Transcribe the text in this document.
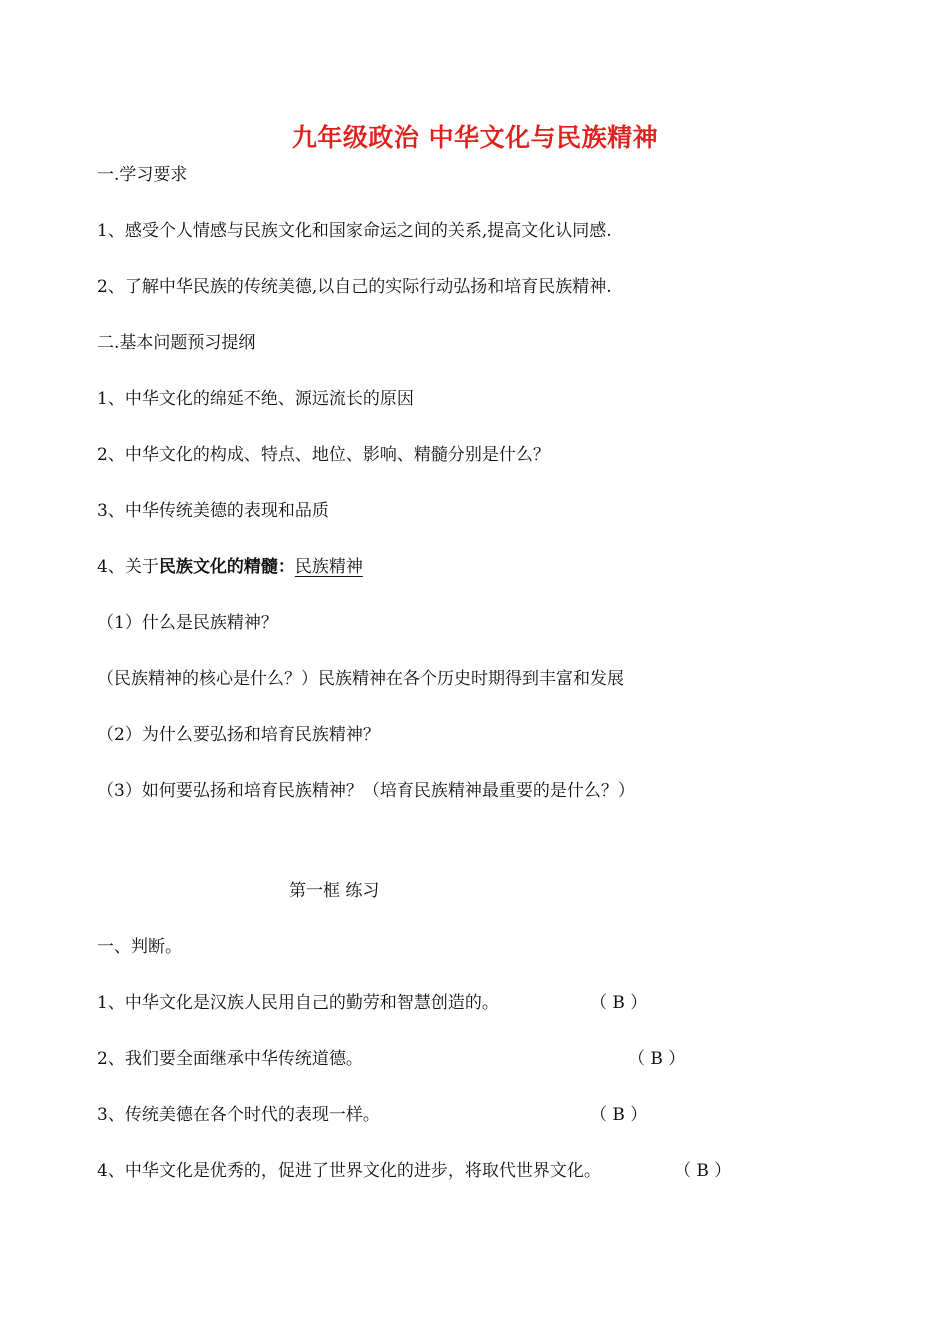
九年级政治 中华文化与民族精神
一.学习要求
1、感受个人情感与民族文化和国家命运之间的关系,提高文化认同感.
2、了解中华民族的传统美德,以自己的实际行动弘扬和培育民族精神.
二.基本问题预习提纲
1、中华文化的绵延不绝、源远流长的原因
2、中华文化的构成、特点、地位、影响、精髓分别是什么？
3、中华传统美德的表现和品质
4、关于民族文化的精髓：民族精神
（1）什么是民族精神？
（民族精神的核心是什么？）民族精神在各个历史时期得到丰富和发展
（2）为什么要弘扬和培育民族精神？
（3）如何要弘扬和培育民族精神？（培育民族精神最重要的是什么？）
第一框 练习
一、判断。
1、中华文化是汉族人民用自己的勤劳和智慧创造的。	（ B ）
2、我们要全面继承中华传统道德。	（ B ）
3、传统美德在各个时代的表现一样。	（ B ）
4、中华文化是优秀的，促进了世界文化的进步，将取代世界文化。	（ B ）
